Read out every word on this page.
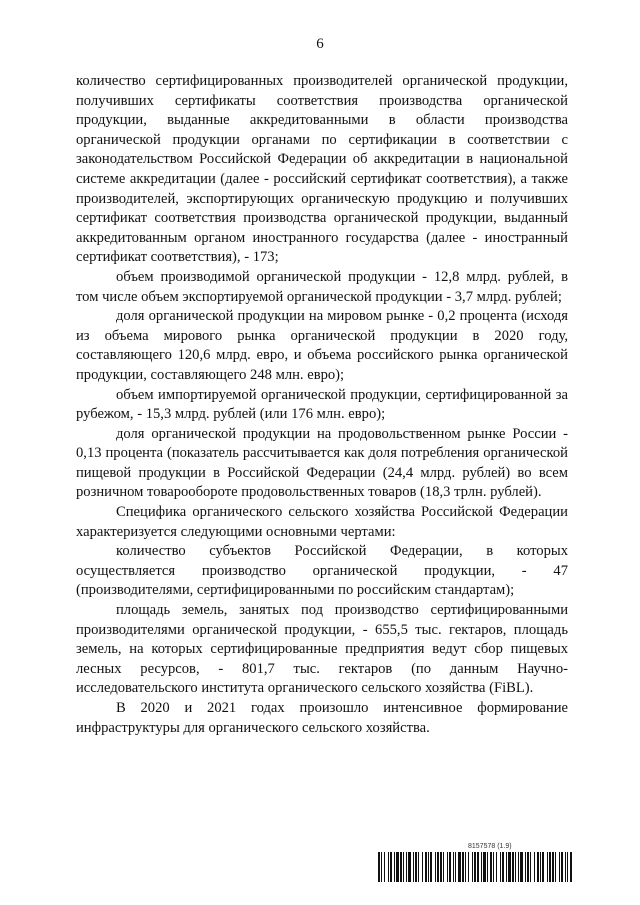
6

количество сертифицированных производителей органической продукции, получивших сертификаты соответствия производства органической продукции, выданные аккредитованными в области производства органической продукции органами по сертификации в соответствии с законодательством Российской Федерации об аккредитации в национальной системе аккредитации (далее - российский сертификат соответствия), а также производителей, экспортирующих органическую продукцию и получивших сертификат соответствия производства органической продукции, выданный аккредитованным органом иностранного государства (далее - иностранный сертификат соответствия), - 173;

объем производимой органической продукции - 12,8 млрд. рублей, в том числе объем экспортируемой органической продукции - 3,7 млрд. рублей;

доля органической продукции на мировом рынке - 0,2 процента (исходя из объема мирового рынка органической продукции в 2020 году, составляющего 120,6 млрд. евро, и объема российского рынка органической продукции, составляющего 248 млн. евро);

объем импортируемой органической продукции, сертифицированной за рубежом, - 15,3 млрд. рублей (или 176 млн. евро);

доля органической продукции на продовольственном рынке России - 0,13 процента (показатель рассчитывается как доля потребления органической пищевой продукции в Российской Федерации (24,4 млрд. рублей) во всем розничном товарообороте продовольственных товаров (18,3 трлн. рублей).

Специфика органического сельского хозяйства Российской Федерации характеризуется следующими основными чертами:

количество субъектов Российской Федерации, в которых осуществляется производство органической продукции, - 47 (производителями, сертифицированными по российским стандартам);

площадь земель, занятых под производство сертифицированными производителями органической продукции, - 655,5 тыс. гектаров, площадь земель, на которых сертифицированные предприятия ведут сбор пищевых лесных ресурсов, - 801,7 тыс. гектаров (по данным Научно-исследовательского института органического сельского хозяйства (FiBL).

В 2020 и 2021 годах произошло интенсивное формирование инфраструктуры для органического сельского хозяйства.

8157578 (1.9)
